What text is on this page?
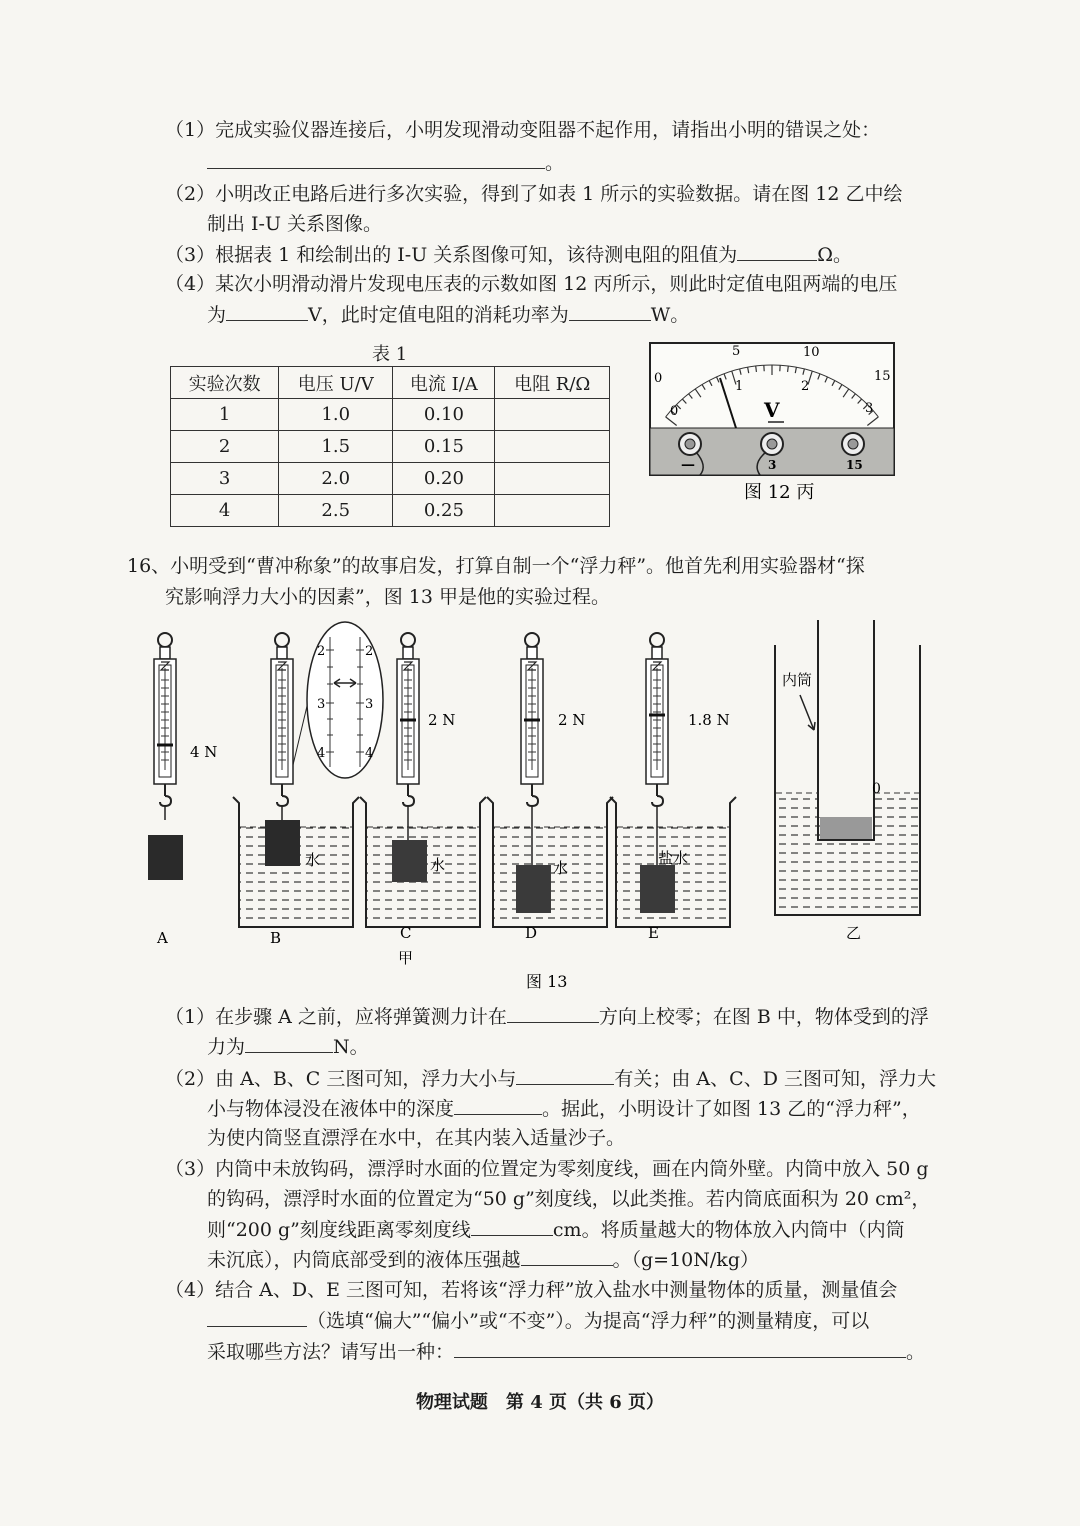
（1）完成实验仪器连接后，小明发现滑动变阻器不起作用，请指出小明的错误之处：
。
（2）小明改正电路后进行多次实验，得到了如表 1 所示的实验数据。请在图 12 乙中绘
制出 I-U 关系图像。
（3）根据表 1 和绘制出的 I-U 关系图像可知，该待测电阻的阻值为	Ω。
（4）某次小明滑动滑片发现电压表的示数如图 12 丙所示，则此时定值电阻两端的电压
为	V，此时定值电阻的消耗功率为	W。
表 1
实验次数	电压 U/V	电流 I/A	电阻 R/Ω
1	1.0	0.10	
2	1.5	0.15	
3	2.0	0.20	
4	2.5	0.25	
0
5	10
15
0
1	2
3
V
—	3	15
图 12 丙
16、小明受到“曹冲称象”的故事启发，打算自制一个“浮力秤”。他首先利用实验器材“探
究影响浮力大小的因素”，图 13 甲是他的实验过程。
4 N
A
水
B
2	2
3	3
4	4
2 N
水
C
甲
2 N
水
D
1.8 N
盐水
E
0
内筒
乙
图 13
（1）在步骤 A 之前，应将弹簧测力计在	方向上校零；在图 B 中，物体受到的浮
力为	N。
（2）由 A、B、C 三图可知，浮力大小与	有关；由 A、C、D 三图可知，浮力大
小与物体浸没在液体中的深度	。据此，小明设计了如图 13 乙的“浮力秤”，
为使内筒竖直漂浮在水中，在其内装入适量沙子。
（3）内筒中未放钩码，漂浮时水面的位置定为零刻度线，画在内筒外壁。内筒中放入 50 g
的钩码，漂浮时水面的位置定为“50 g”刻度线，以此类推。若内筒底面积为 20 cm²，
则“200 g”刻度线距离零刻度线	cm。将质量越大的物体放入内筒中（内筒
未沉底），内筒底部受到的液体压强越	。（g=10N/kg）
（4）结合 A、D、E 三图可知，若将该“浮力秤”放入盐水中测量物体的质量，测量值会
（选填“偏大”“偏小”或“不变”）。为提高“浮力秤”的测量精度，可以
采取哪些方法？请写出一种：	。
物理试题　第 4 页（共 6 页）
